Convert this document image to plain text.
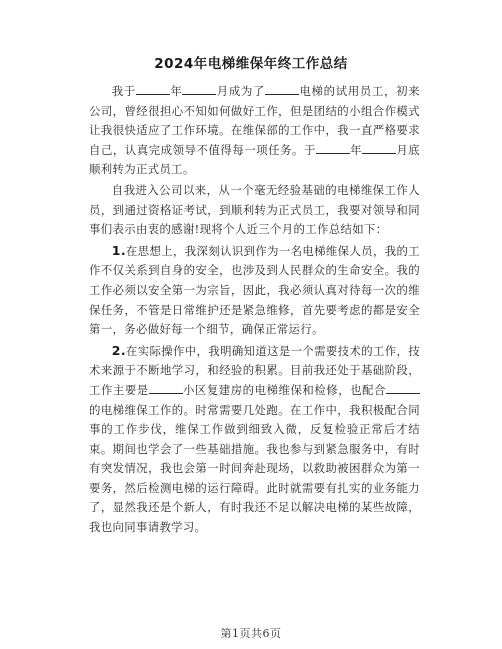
2024年电梯维保年终工作总结

我于	年	月成为了	电梯的试用员工，初来公司，曾经很担心不知如何做好工作，但是团结的小组合作模式让我很快适应了工作环境。在维保部的工作中，我一直严格要求自己，认真完成领导不值得每一项任务。于	年	月底顺利转为正式员工。

自我进入公司以来，从一个毫无经验基础的电梯维保工作人员，到通过资格证考试，到顺利转为正式员工，我要对领导和同事们表示由衷的感谢!现将个人近三个月的工作总结如下：

1.在思想上，我深刻认识到作为一名电梯维保人员，我的工作不仅关系到自身的安全，也涉及到人民群众的生命安全。我的工作必须以安全第一为宗旨，因此，我必须认真对待每一次的维保任务，不管是日常维护还是紧急维修，首先要考虑的都是安全第一，务必做好每一个细节，确保正常运行。

2.在实际操作中，我明确知道这是一个需要技术的工作，技术来源于不断地学习，和经验的积累。目前我还处于基础阶段，工作主要是	小区复建房的电梯维保和检修，也配合的电梯维保工作的。时常需要几处跑。在工作中，我积极配合同事的工作步伐，维保工作做到细致入微，反复检验正常后才结束。期间也学会了一些基础措施。我也参与到紧急服务中，有时有突发情况，我也会第一时间奔赴现场，以救助被困群众为第一要务，然后检测电梯的运行障碍。此时就需要有扎实的业务能力了，显然我还是个新人，有时我还不足以解决电梯的某些故障，我也向同事请教学习。

第1页共6页
